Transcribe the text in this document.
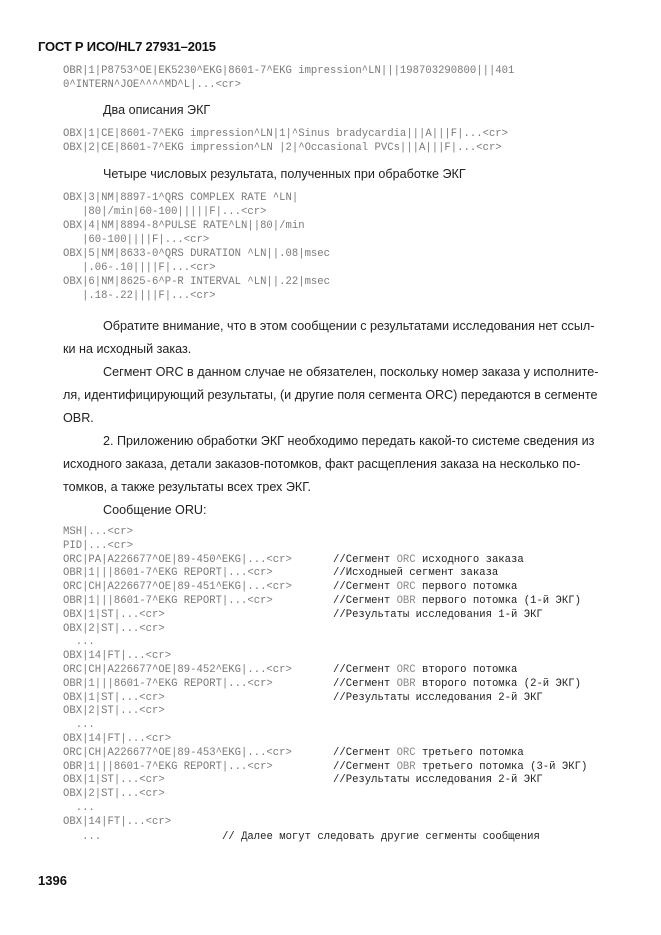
ГОСТ Р ИСО/HL7 27931–2015
OBR|1|P8753^OE|EK5230^EKG|8601-7^EKG impression^LN|||198703290800|||401
0^INTERN^JOE^^^^MD^L|...<cr>
Два описания ЭКГ
OBX|1|CE|8601-7^EKG impression^LN|1|^Sinus bradycardia|||A|||F|...<cr>
OBX|2|CE|8601-7^EKG impression^LN |2|^Occasional PVCs|||A|||F|...<cr>
Четыре числовых результата, полученных при обработке ЭКГ
OBX|3|NM|8897-1^QRS COMPLEX RATE ^LN|
|80|/min|60-100|||||F|...<cr>
OBX|4|NM|8894-8^PULSE RATE^LN||80|/min
|60-100||||F|...<cr>
OBX|5|NM|8633-0^QRS DURATION ^LN||.08|msec
|.06-.10||||F|...<cr>
OBX|6|NM|8625-6^P-R INTERVAL ^LN||.22|msec
|.18-.22||||F|...<cr>
Обратите внимание, что в этом сообщении с результатами исследования нет ссыл-
ки на исходный заказ.
Сегмент ORC в данном случае не обязателен, поскольку номер заказа у исполните-
ля, идентифицирующий результаты, (и другие поля сегмента ORC) передаются в сегменте
OBR.
2. Приложению обработки ЭКГ необходимо передать какой-то системе сведения из
исходного заказа, детали заказов-потомков, факт расщепления заказа на несколько по-
томков, а также результаты всех трех ЭКГ.
Сообщение ORU:
MSH|...<cr>
PID|...<cr>
ORC|PA|A226677^OE|89-450^EKG|...<cr>	//Сегмент ORC исходного заказа
OBR|1|||8601-7^EKG REPORT|...<cr>	//Исходныей сегмент заказа
ORC|CH|A226677^OE|89-451^EKG|...<cr>	//Сегмент ORC первого потомка
OBR|1|||8601-7^EKG REPORT|...<cr>	//Сегмент OBR первого потомка (1-й ЭКГ)
OBX|1|ST|...<cr>	//Результаты исследования 1-й ЭКГ
OBX|2|ST|...<cr>
...
OBX|14|FT|...<cr>
ORC|CH|A226677^OE|89-452^EKG|...<cr>	//Сегмент ORC второго потомка
OBR|1|||8601-7^EKG REPORT|...<cr>	//Сегмент OBR второго потомка (2-й ЭКГ)
OBX|1|ST|...<cr>	//Результаты исследования 2-й ЭКГ
OBX|2|ST|...<cr>
...
OBX|14|FT|...<cr>
ORC|CH|A226677^OE|89-453^EKG|...<cr>	//Сегмент ORC третьего потомка
OBR|1|||8601-7^EKG REPORT|...<cr>	//Сегмент OBR третьего потомка (3-й ЭКГ)
OBX|1|ST|...<cr>	//Результаты исследования 2-й ЭКГ
OBX|2|ST|...<cr>
...
OBX|14|FT|...<cr>
...	// Далее могут следовать другие сегменты сообщения
1396
